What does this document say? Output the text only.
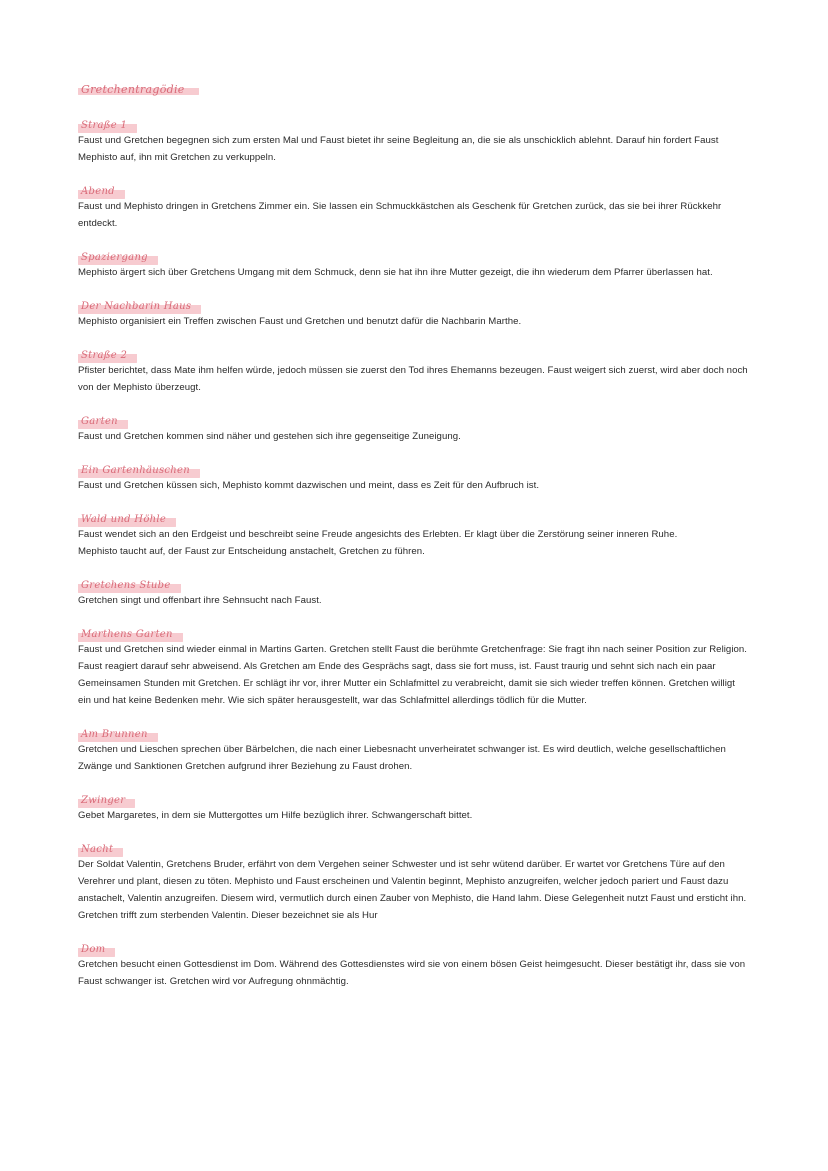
Gretchentragödie
Straße 1

Faust und Gretchen begegnen sich zum ersten Mal und Faust bietet ihr seine Begleitung an, die sie als unschicklich ablehnt. Darauf hin fordert Faust Mephisto auf, ihn mit Gretchen zu verkuppeln.

Abend

Faust und Mephisto dringen in Gretchens Zimmer ein. Sie lassen ein Schmuckkästchen als Geschenk für Gretchen zurück, das sie bei ihrer Rückkehr entdeckt.

Spaziergang

Mephisto ärgert sich über Gretchens Umgang mit dem Schmuck, denn sie hat ihn ihre Mutter gezeigt, die ihn wiederum dem Pfarrer überlassen hat.

Der Nachbarin Haus

Mephisto organisiert ein Treffen zwischen Faust und Gretchen und benutzt dafür die Nachbarin Marthe.

Straße 2

Pfister berichtet, dass Mate ihm helfen würde, jedoch müssen sie zuerst den Tod ihres Ehemanns bezeugen. Faust weigert sich zuerst, wird aber doch noch von der Mephisto überzeugt.

Garten

Faust und Gretchen kommen sind näher und gestehen sich ihre gegenseitige Zuneigung.

Ein Gartenhäuschen

Faust und Gretchen küssen sich, Mephisto kommt dazwischen und meint, dass es Zeit für den Aufbruch ist.

Wald und Höhle

Faust wendet sich an den Erdgeist und beschreibt seine Freude angesichts des Erlebten. Er klagt über die Zerstörung seiner inneren Ruhe.
Mephisto taucht auf, der Faust zur Entscheidung anstachelt, Gretchen zu führen.

Gretchens Stube

Gretchen singt und offenbart ihre Sehnsucht nach Faust.

Marthens Garten

Faust und Gretchen sind wieder einmal in Martins Garten. Gretchen stellt Faust die berühmte Gretchenfrage: Sie fragt ihn nach seiner Position zur Religion. Faust reagiert darauf sehr abweisend. Als Gretchen am Ende des Gesprächs sagt, dass sie fort muss, ist. Faust traurig und sehnt sich nach ein paar Gemeinsamen Stunden mit Gretchen. Er schlägt ihr vor, ihrer Mutter ein Schlafmittel zu verabreicht, damit sie sich wieder treffen können. Gretchen willigt ein und hat keine Bedenken mehr. Wie sich später herausgestellt, war das Schlafmittel allerdings tödlich für die Mutter.

Am Brunnen

Gretchen und Lieschen sprechen über Bärbelchen, die nach einer Liebesnacht unverheiratet schwanger ist. Es wird deutlich, welche gesellschaftlichen Zwänge und Sanktionen Gretchen aufgrund ihrer Beziehung zu Faust drohen.

Zwinger

Gebet Margaretes, in dem sie Muttergottes um Hilfe bezüglich ihrer. Schwangerschaft bittet.

Nacht

Der Soldat Valentin, Gretchens Bruder, erfährt von dem Vergehen seiner Schwester und ist sehr wütend darüber. Er wartet vor Gretchens Türe auf den Verehrer und plant, diesen zu töten. Mephisto und Faust erscheinen und Valentin beginnt, Mephisto anzugreifen, welcher jedoch pariert und Faust dazu anstachelt, Valentin anzugreifen. Diesem wird, vermutlich durch einen Zauber von Mephisto, die Hand lahm. Diese Gelegenheit nutzt Faust und ersticht ihn. Gretchen trifft zum sterbenden Valentin. Dieser bezeichnet sie als Hur

Dom

Gretchen besucht einen Gottesdienst im Dom. Während des Gottesdienstes wird sie von einem bösen Geist heimgesucht. Dieser bestätigt ihr, dass sie von Faust schwanger ist. Gretchen wird vor Aufregung ohnmächtig.
